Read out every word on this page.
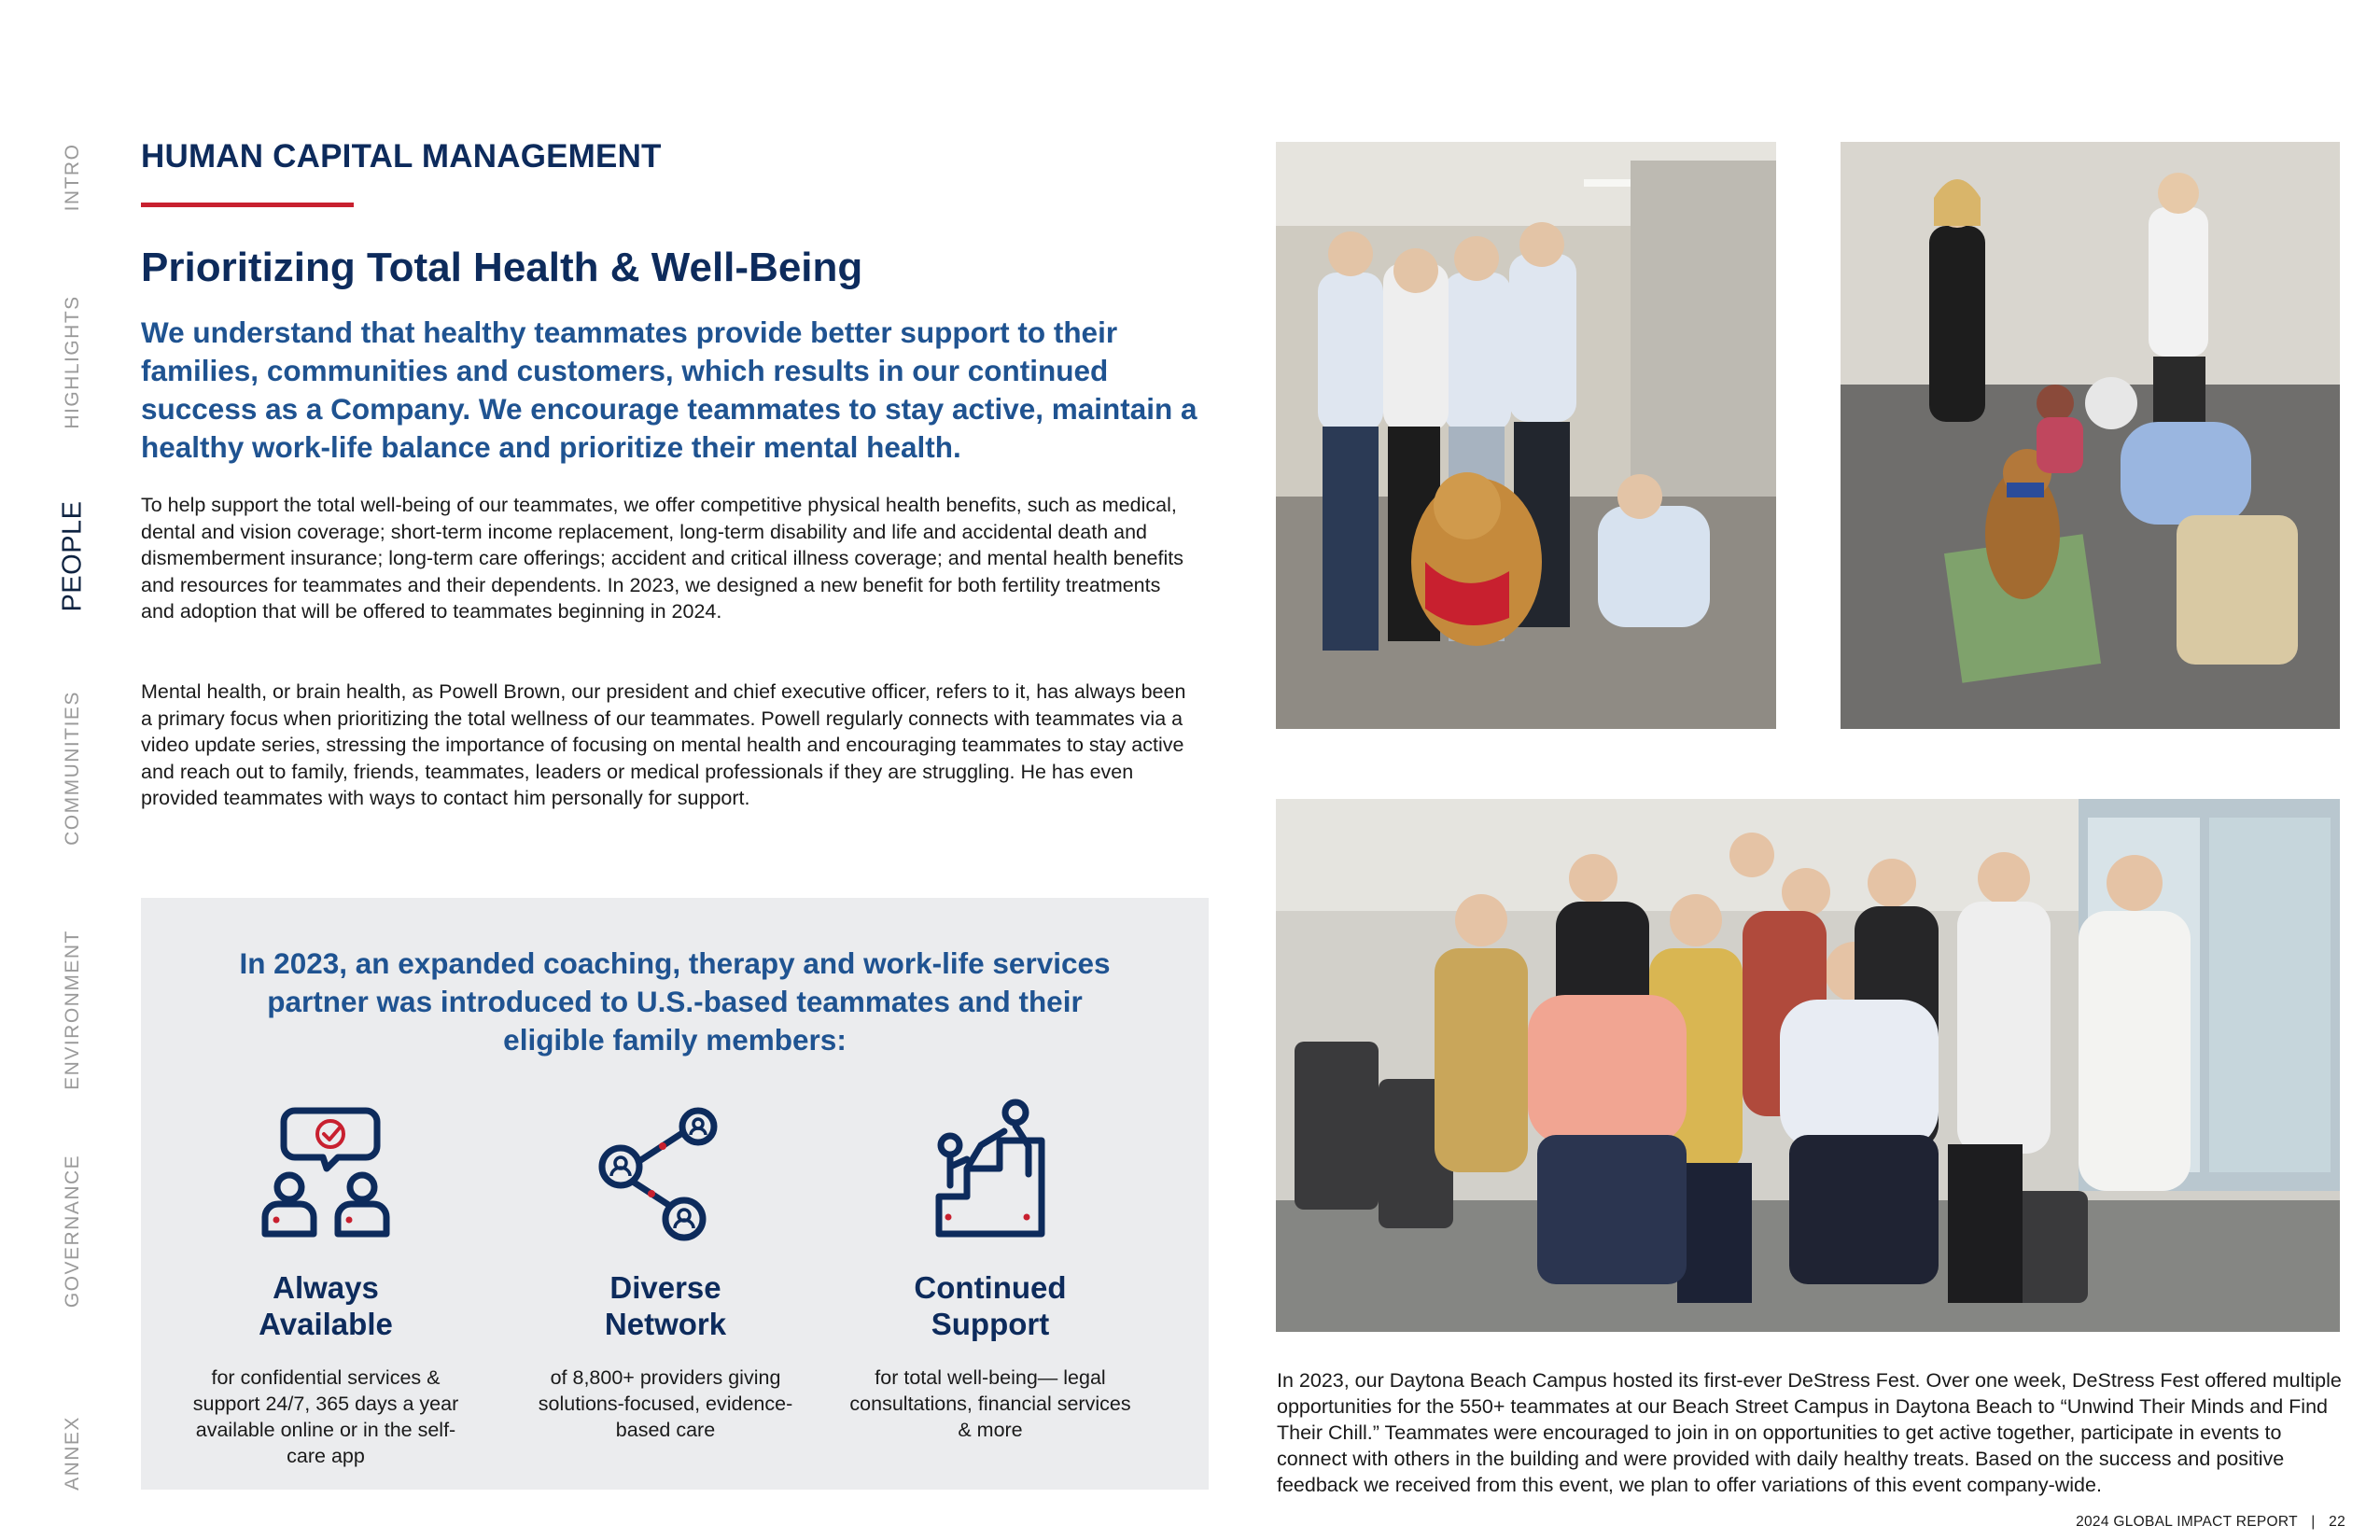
INTRO
HIGHLIGHTS
PEOPLE
COMMUNITIES
ENVIRONMENT
GOVERNANCE
ANNEX
HUMAN CAPITAL MANAGEMENT
Prioritizing Total Health & Well-Being
We understand that healthy teammates provide better support to their families, communities and customers, which results in our continued success as a Company. We encourage teammates to stay active, maintain a healthy work-life balance and prioritize their mental health.

To help support the total well-being of our teammates, we offer competitive physical health benefits, such as medical, dental and vision coverage; short-term income replacement, long-term disability and life and accidental death and dismemberment insurance; long-term care offerings; accident and critical illness coverage; and mental health benefits and resources for teammates and their dependents. In 2023, we designed a new benefit for both fertility treatments and adoption that will be offered to teammates beginning in 2024.

Mental health, or brain health, as Powell Brown, our president and chief executive officer, refers to it, has always been a primary focus when prioritizing the total wellness of our teammates. Powell regularly connects with teammates via a video update series, stressing the importance of focusing on mental health and encouraging teammates to stay active and reach out to family, friends, teammates, leaders or medical professionals if they are struggling. He has even provided teammates with ways to contact him personally for support.

In 2023, an expanded coaching, therapy and work-life services partner was introduced to U.S.-based teammates and their eligible family members:
Always Available
for confidential services & support 24/7, 365 days a year available online or in the self-care app
Diverse Network
of 8,800+ providers giving solutions-focused, evidence-based care
Continued Support
for total well-being— legal consultations, financial services & more

In 2023, our Daytona Beach Campus hosted its first-ever DeStress Fest. Over one week, DeStress Fest offered multiple opportunities for the 550+ teammates at our Beach Street Campus in Daytona Beach to “Unwind Their Minds and Find Their Chill.” Teammates were encouraged to join in on opportunities to get active together, participate in events to connect with others in the building and were provided with daily healthy treats. Based on the success and positive feedback we received from this event, we plan to offer variations of this event company-wide.

2024 GLOBAL IMPACT REPORT | 22
